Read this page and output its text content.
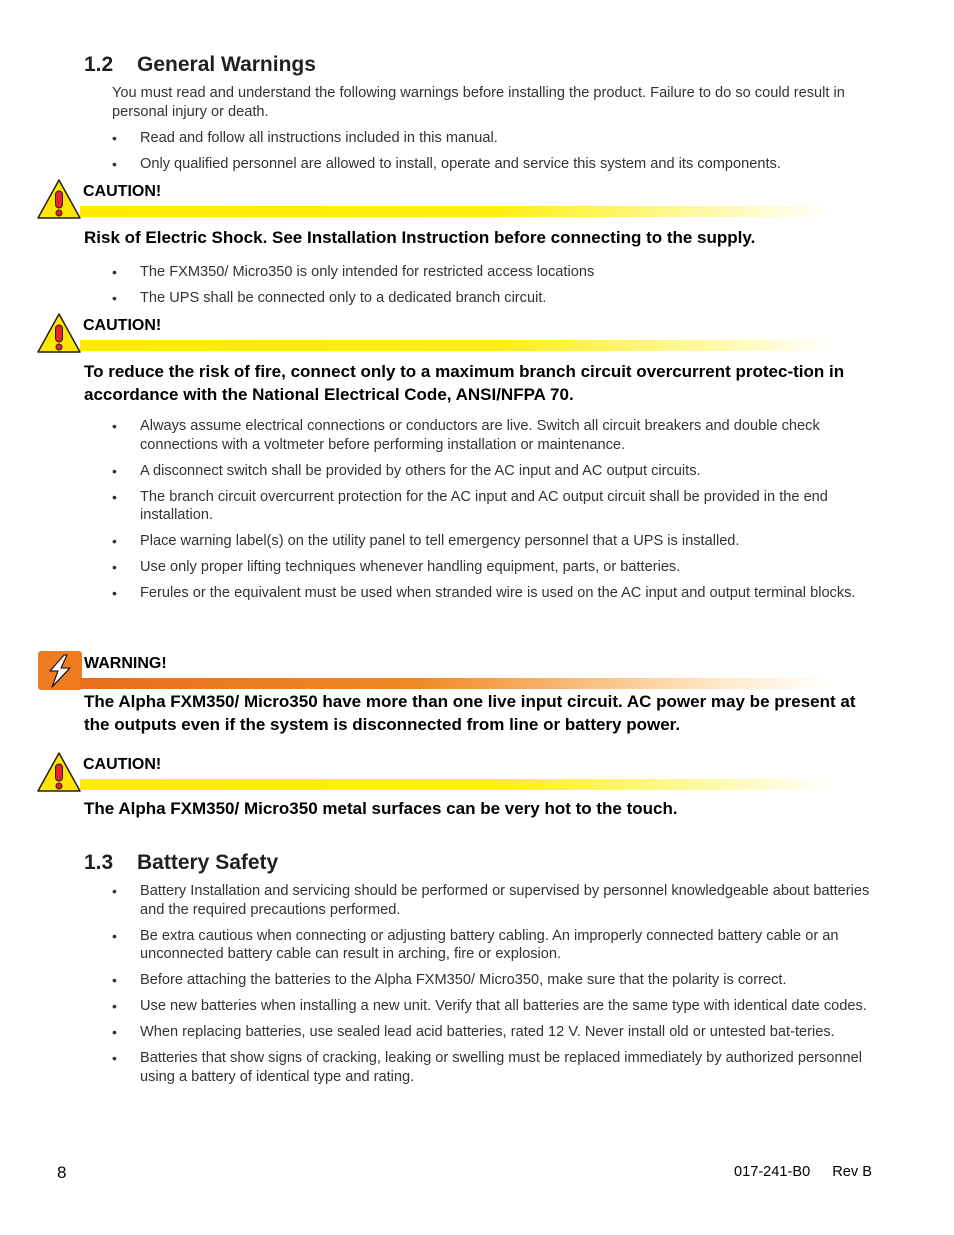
1.2 General Warnings

You must read and understand the following warnings before installing the product. Failure to do so could result in personal injury or death.

• Read and follow all instructions included in this manual.
• Only qualified personnel are allowed to install, operate and service this system and its components.
CAUTION!

Risk of Electric Shock. See Installation Instruction before connecting to the supply.

• The FXM350/ Micro350 is only intended for restricted access locations
• The UPS shall be connected only to a dedicated branch circuit.
CAUTION!

To reduce the risk of fire, connect only to a maximum branch circuit overcurrent protec-tion in accordance with the National Electrical Code, ANSI/NFPA 70.

• Always assume electrical connections or conductors are live. Switch all circuit breakers and double check connections with a voltmeter before performing installation or maintenance.
• A disconnect switch shall be provided by others for the AC input and AC output circuits.
• The branch circuit overcurrent protection for the AC input and AC output circuit shall be provided in the end installation.
• Place warning label(s) on the utility panel to tell emergency personnel that a UPS is installed.
• Use only proper lifting techniques whenever handling equipment, parts, or batteries.
• Ferules or the equivalent must be used when stranded wire is used on the AC input and output terminal blocks.
WARNING!

The Alpha FXM350/ Micro350 have more than one live input circuit. AC power may be present at the outputs even if the system is disconnected from line or battery power.

CAUTION!

The Alpha FXM350/ Micro350 metal surfaces can be very hot to the touch.

1.3 Battery Safety
• Battery Installation and servicing should be performed or supervised by personnel knowledgeable about batteries and the required precautions performed.
• Be extra cautious when connecting or adjusting battery cabling. An improperly connected battery cable or an unconnected battery cable can result in arching, fire or explosion.
• Before attaching the batteries to the Alpha FXM350/ Micro350, make sure that the polarity is correct.
• Use new batteries when installing a new unit. Verify that all batteries are the same type with identical date codes.
• When replacing batteries, use sealed lead acid batteries, rated 12 V. Never install old or untested bat-teries.
• Batteries that show signs of cracking, leaking or swelling must be replaced immediately by authorized personnel using a battery of identical type and rating.
8	017-241-B0 Rev B
